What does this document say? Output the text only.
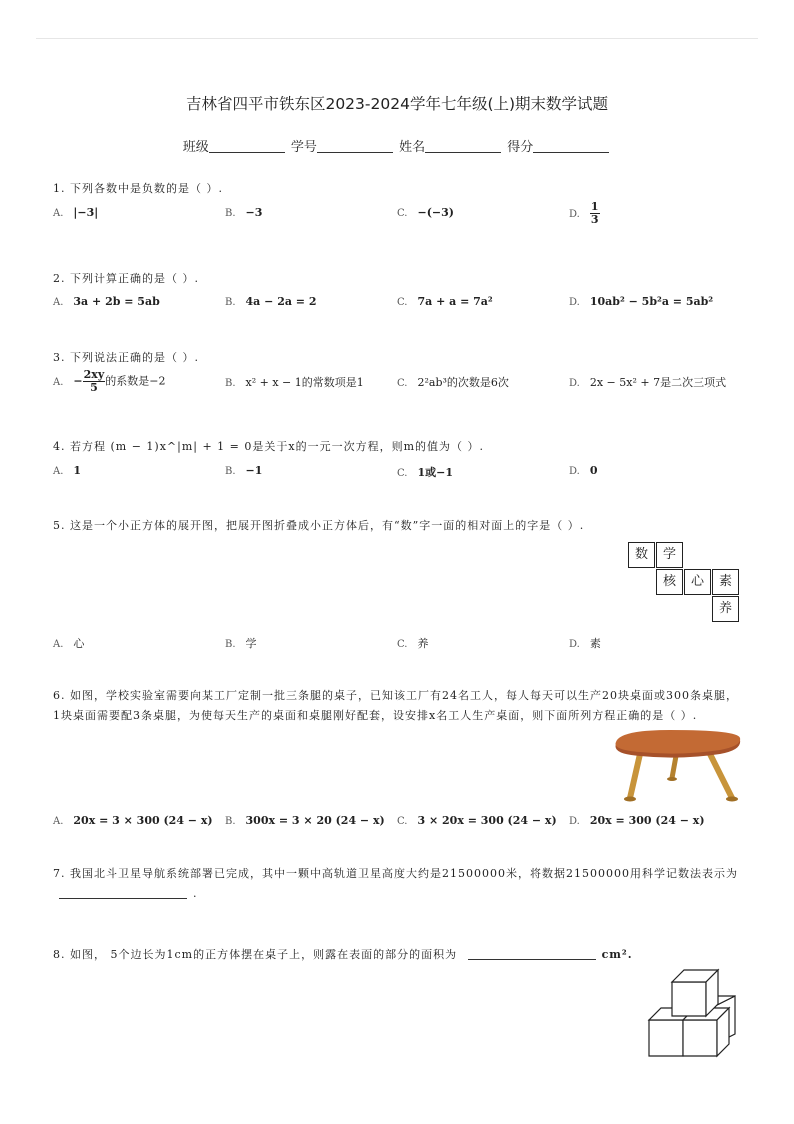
吉林省四平市铁东区2023-2024学年七年级(上)期末数学试题
班级	学号	姓名	得分
1. 下列各数中是负数的是（ ）.
A. |−3|	B. −3	C. −(−3)	D. $\frac{1}{3}$
2. 下列计算正确的是（ ）.
A. 3a + 2b = 5ab	B. 4a − 2a = 2	C. 7a + a = 7a²	D. 10ab² − 5b²a = 5ab²
3. 下列说法正确的是（ ）.
A. − $\frac{2xy}{5}$ 的系数是−2	B. x² + x − 1的常数项是1	C. 2²ab³的次数是6次	D. 2x − 5x² + 7是二次三项式
4. 若方程 (m − 1)x^|m| + 1 = 0是关于x的一元一次方程，则m的值为（ ）.
A. 1	B. −1	C. 1或−1	D. 0
5. 这是一个小正方体的展开图，把展开图折叠成小正方体后，有“数”字一面的相对面上的字是（ ）.
数	学
核	心	素
养
A. 心	B. 学	C. 养	D. 素
6. 如图，学校实验室需要向某工厂定制一批三条腿的桌子，已知该工厂有24名工人，每人每天可以生产20块桌面或300条桌腿，1块桌面需要配3条桌腿，为使每天生产的桌面和桌腿刚好配套，设安排x名工人生产桌面，则下面所列方程正确的是（ ）.
A. 20x = 3 × 300 (24 − x) B. 300x = 3 × 20 (24 − x) C. 3 × 20x = 300 (24 − x) D. 20x = 300 (24 − x)
7. 我国北斗卫星导航系统部署已完成，其中一颗中高轨道卫星高度大约是21500000米，将数据21500000用科学记数法表示为 .
8. 如图， 5个边长为1cm的正方体摆在桌子上，则露在表面的部分的面积为	cm².
